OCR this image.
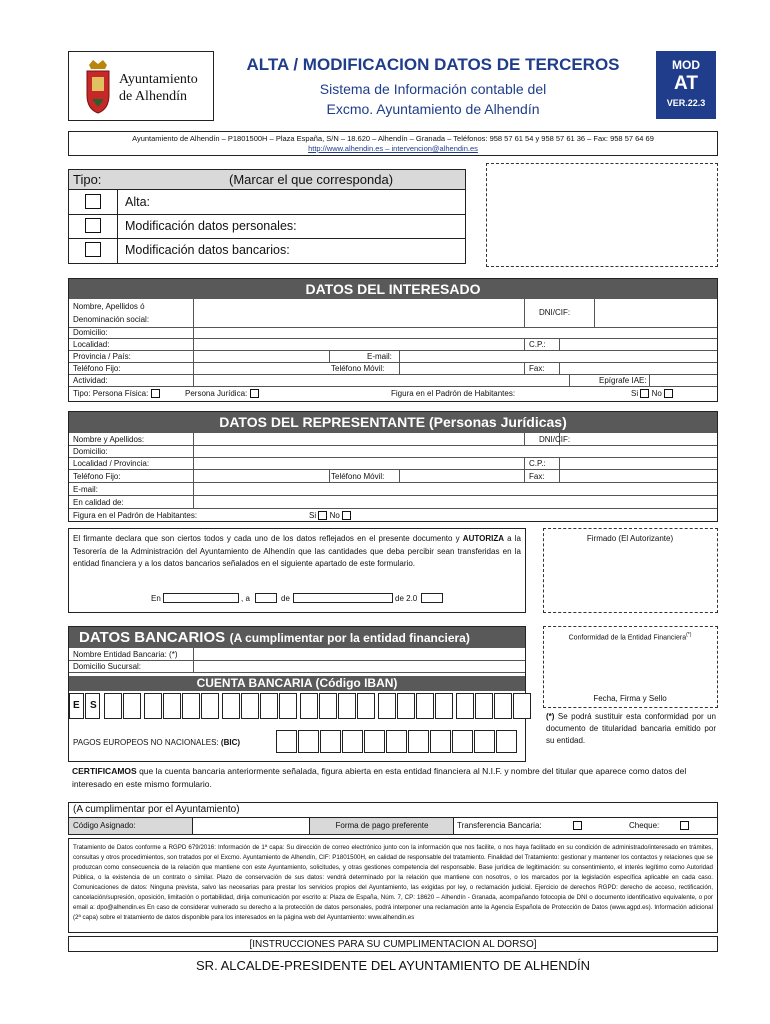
Ayuntamiento
de Alhendín
ALTA / MODIFICACION DATOS DE TERCEROS
Sistema de Información contable del
Excmo. Ayuntamiento de Alhendín
MOD
AT
VER.22.3
Ayuntamiento de Alhendín – P1801500H – Plaza España, S/N – 18.620 – Alhendín – Granada – Teléfonos: 958 57 61 54 y 958 57 61 36 – Fax: 958 57 64 69
http://www.alhendin.es – intervencion@alhendin.es
Tipo:	(Marcar el que corresponda)
Alta:
Modificación datos personales:
Modificación datos bancarios:
DATOS DEL INTERESADO
Nombre, Apellidos ó
Denominación social:
DNI/CIF:
Domicilio:
Localidad:	C.P.:
Provincia / País:	E-mail:
Teléfono Fijo:	Teléfono Móvil:	Fax:
Actividad:	Epígrafe IAE:
Tipo: Persona Física:	Persona Jurídica:	Figura en el Padrón de Habitantes:	Si No
DATOS DEL REPRESENTANTE (Personas Jurídicas)
Nombre y Apellidos:	DNI/CIF:
Domicilio:
Localidad / Provincia:	C.P.:
Teléfono Fijo:	Teléfono Móvil:	Fax:
E-mail:
En calidad de:
Figura en el Padrón de Habitantes:	Si No
El firmante declara que son ciertos todos y cada uno de los datos reflejados en el presente documento y AUTORIZA a la Tesorería de la Administración del Ayuntamiento de Alhendín que las cantidades que deba percibir sean transferidas en la entidad financiera y a los datos bancarios señalados en el siguiente apartado de este formulario.
En	, a	de	de 2.0
Firmado (El Autorizante)
DATOS BANCARIOS (A cumplimentar por la entidad financiera)
Nombre Entidad Bancaria: (*)
Domicilio Sucursal:
CUENTA BANCARIA (Código IBAN)
E S
PAGOS EUROPEOS NO NACIONALES: (BIC)
Conformidad de la Entidad Financiera(*)
Fecha, Firma y Sello
(*) Se podrá sustituir esta conformidad por un documento de titularidad bancaria emitido por su entidad.
CERTIFICAMOS que la cuenta bancaria anteriormente señalada, figura abierta en esta entidad financiera al N.I.F. y nombre del titular que aparece como datos del interesado en este mismo formulario.
(A cumplimentar por el Ayuntamiento)
Código Asignado:	Forma de pago preferente	Transferencia Bancaria:	Cheque:
Tratamiento de Datos conforme a RGPD 679/2016: Información de 1ª capa: Su dirección de correo electrónico junto con la información que nos facilite, o nos haya facilitado en su condición de administrado/interesado en trámites, consultas y otros procedimientos, son tratados por el Excmo. Ayuntamiento de Alhendín, CIF: P1801500H, en calidad de responsable del tratamiento. Finalidad del Tratamiento: gestionar y mantener los contactos y relaciones que se produzcan como consecuencia de la relación que mantiene con este Ayuntamiento, solicitudes, y otras gestiones competencia del responsable. Base jurídica de legitimación: su consentimiento, el interés legítimo como Autoridad Pública, o la existencia de un contrato o similar. Plazo de conservación de sus datos: vendrá determinado por la relación que mantiene con nosotros, o los marcados por la legislación específica aplicable en cada caso. Comunicaciones de datos: Ninguna prevista, salvo las necesarias para prestar los servicios propios del Ayuntamiento, las exigidas por ley, o reclamación judicial. Ejercicio de derechos RGPD: derecho de acceso, rectificación, cancelación/supresión, oposición, limitación o portabilidad, dirija comunicación por escrito a: Plaza de España, Núm. 7, CP: 18620 – Alhendín - Granada, acompañando fotocopia de DNI o documento identificativo equivalente, o por email a: dpo@alhendin.es En caso de considerar vulnerado su derecho a la protección de datos personales, podrá interponer una reclamación ante la Agencia Española de Protección de Datos (www.agpd.es). Información adicional (2ª capa) sobre el tratamiento de datos disponible para los interesados en la página web del Ayuntamiento: www.alhendin.es
[INSTRUCCIONES PARA SU CUMPLIMENTACION AL DORSO]
SR. ALCALDE-PRESIDENTE DEL AYUNTAMIENTO DE ALHENDÍN
